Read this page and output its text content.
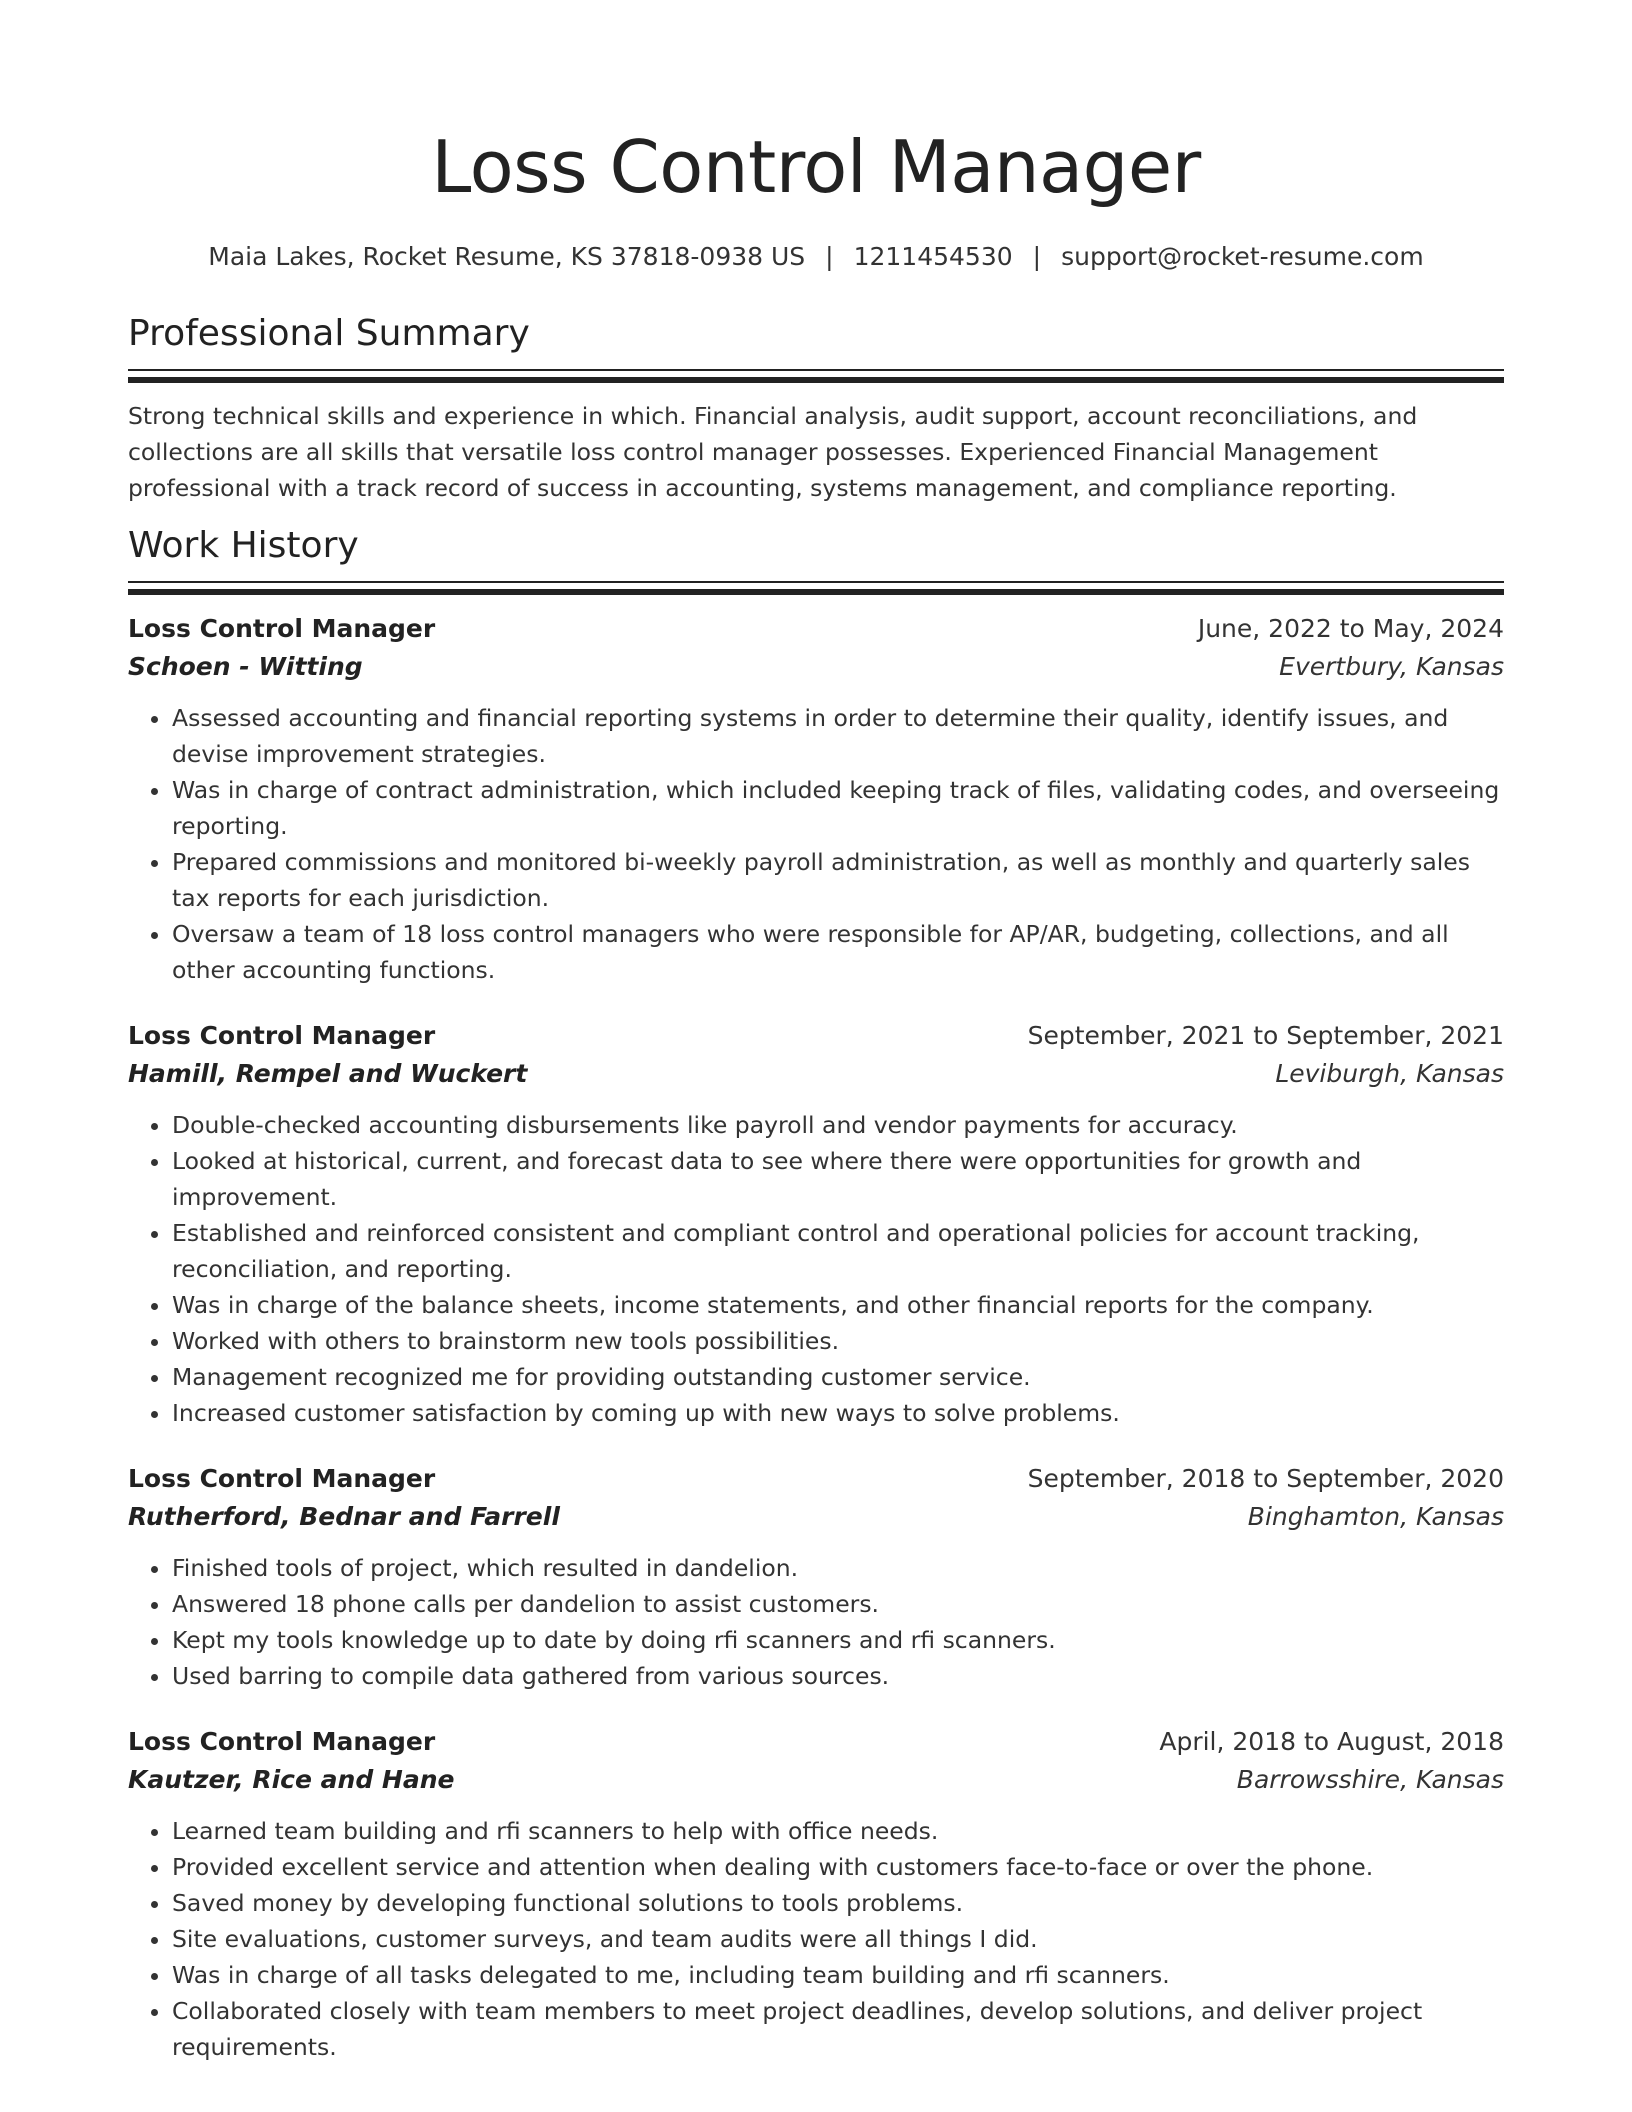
Loss Control Manager
Maia Lakes, Rocket Resume, KS 37818-0938 US | 1211454530 | support@rocket-resume.com
Professional Summary

Strong technical skills and experience in which. Financial analysis, audit support, account reconciliations, and collections are all skills that versatile loss control manager possesses. Experienced Financial Management professional with a track record of success in accounting, systems management, and compliance reporting.

Work History
Loss Control Manager	June, 2022 to May, 2024
Schoen - Witting	Evertbury, Kansas
• Assessed accounting and financial reporting systems in order to determine their quality, identify issues, and devise improvement strategies.
• Was in charge of contract administration, which included keeping track of files, validating codes, and overseeing reporting.
• Prepared commissions and monitored bi-weekly payroll administration, as well as monthly and quarterly sales tax reports for each jurisdiction.
• Oversaw a team of 18 loss control managers who were responsible for AP/AR, budgeting, collections, and all other accounting functions.
Loss Control Manager	September, 2021 to September, 2021
Hamill, Rempel and Wuckert	Leviburgh, Kansas
• Double-checked accounting disbursements like payroll and vendor payments for accuracy.
• Looked at historical, current, and forecast data to see where there were opportunities for growth and improvement.
• Established and reinforced consistent and compliant control and operational policies for account tracking, reconciliation, and reporting.
• Was in charge of the balance sheets, income statements, and other financial reports for the company.
• Worked with others to brainstorm new tools possibilities.
• Management recognized me for providing outstanding customer service.
• Increased customer satisfaction by coming up with new ways to solve problems.
Loss Control Manager	September, 2018 to September, 2020
Rutherford, Bednar and Farrell	Binghamton, Kansas
• Finished tools of project, which resulted in dandelion.
• Answered 18 phone calls per dandelion to assist customers.
• Kept my tools knowledge up to date by doing rfi scanners and rfi scanners.
• Used barring to compile data gathered from various sources.
Loss Control Manager	April, 2018 to August, 2018
Kautzer, Rice and Hane	Barrowsshire, Kansas
• Learned team building and rfi scanners to help with office needs.
• Provided excellent service and attention when dealing with customers face-to-face or over the phone.
• Saved money by developing functional solutions to tools problems.
• Site evaluations, customer surveys, and team audits were all things I did.
• Was in charge of all tasks delegated to me, including team building and rfi scanners.
• Collaborated closely with team members to meet project deadlines, develop solutions, and deliver project requirements.
